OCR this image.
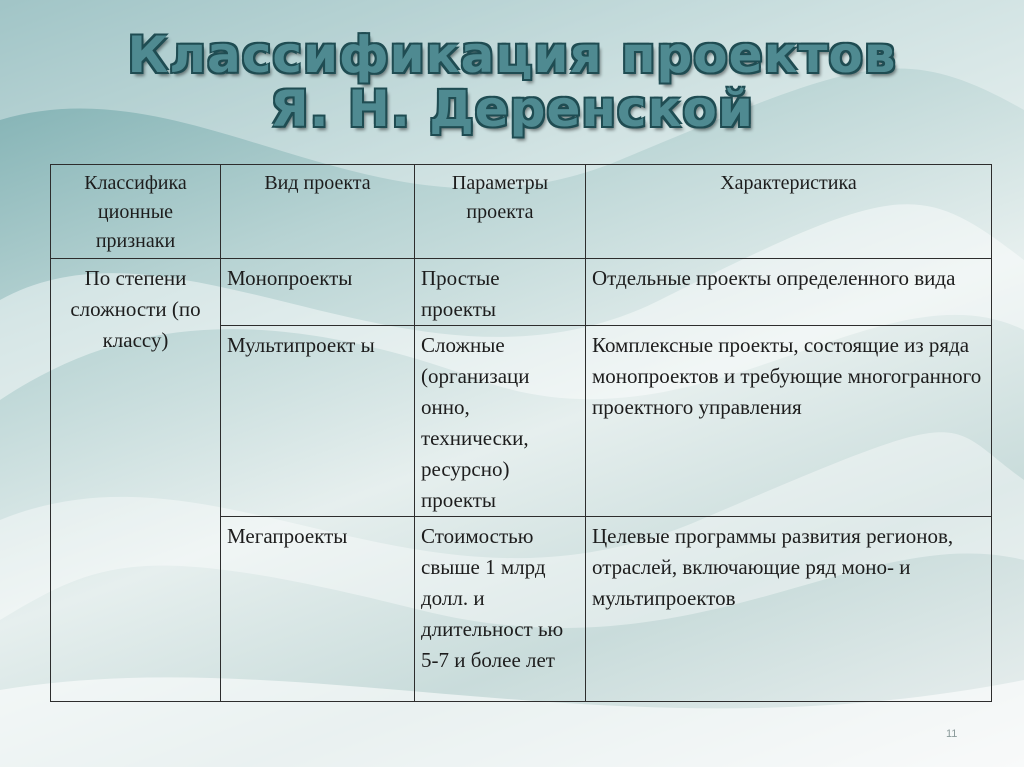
Классификация проектов
Я. Н. Деренской
Классифика ционные признаки	Вид проекта	Параметры проекта	Характеристика
По степени сложности (по классу)	Монопроекты	Простые проекты	Отдельные проекты определенного вида
	Мультипроект ы	Сложные (организаци онно, технически, ресурсно) проекты	Комплексные проекты, состоящие из ряда монопроектов и требующие многогранного проектного управления
	Мегапроекты	Стоимостью свыше 1 млрд долл. и длительност ью 5-7 и более лет	Целевые программы развития регионов, отраслей, включающие ряд моно- и мультипроектов
11
